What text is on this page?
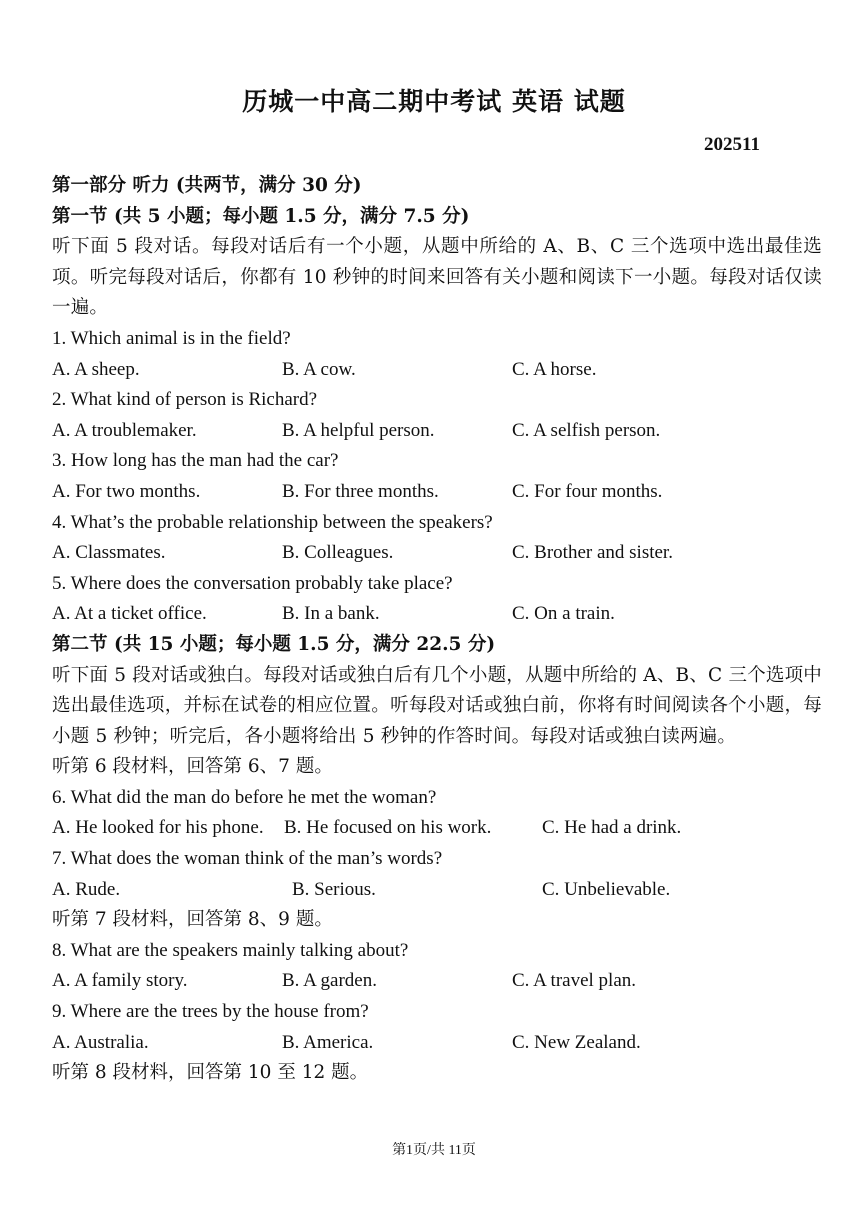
历城一中高二期中考试 英语 试题
202511
第一部分 听力 (共两节，满分 30 分)
第一节 (共 5 小题；每小题 1.5 分，满分 7.5 分)
听下面 5 段对话。每段对话后有一个小题，从题中所给的 A、B、C 三个选项中选出最佳选项。听完每段对话后，你都有 10 秒钟的时间来回答有关小题和阅读下一小题。每段对话仅读一遍。
1. Which animal is in the field?
A. A sheep.	B. A cow.	C. A horse.
2. What kind of person is Richard?
A. A troublemaker.	B. A helpful person.	C. A selfish person.
3. How long has the man had the car?
A. For two months.	B. For three months.	C. For four months.
4. What’s the probable relationship between the speakers?
A. Classmates.	B. Colleagues.	C. Brother and sister.
5. Where does the conversation probably take place?
A. At a ticket office.	B. In a bank.	C. On a train.
第二节 (共 15 小题；每小题 1.5 分，满分 22.5 分)
听下面 5 段对话或独白。每段对话或独白后有几个小题，从题中所给的 A、B、C 三个选项中选出最佳选项，并标在试卷的相应位置。听每段对话或独白前，你将有时间阅读各个小题，每小题 5 秒钟；听完后，各小题将给出 5 秒钟的作答时间。每段对话或独白读两遍。
听第 6 段材料，回答第 6、7 题。
6. What did the man do before he met the woman?
A. He looked for his phone. B. He focused on his work.	C. He had a drink.
7. What does the woman think of the man’s words?
A. Rude.	B. Serious.	C. Unbelievable.
听第 7 段材料，回答第 8、9 题。
8. What are the speakers mainly talking about?
A. A family story.	B. A garden.	C. A travel plan.
9. Where are the trees by the house from?
A. Australia.	B. America.	C. New Zealand.
听第 8 段材料，回答第 10 至 12 题。
第1页/共 11页
